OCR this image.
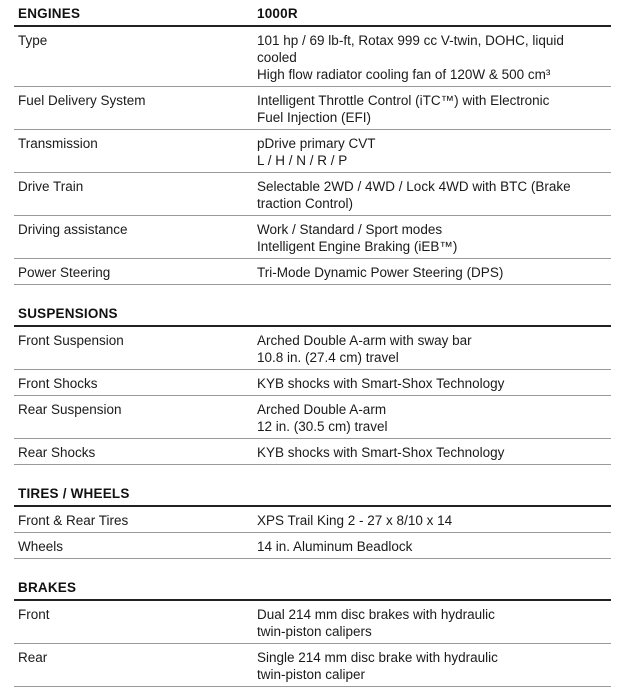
ENGINES	1000R
Type	101 hp / 69 lb-ft, Rotax 999 cc V-twin, DOHC, liquid
cooled
High flow radiator cooling fan of 120W & 500 cm³
Fuel Delivery System	Intelligent Throttle Control (iTC™) with Electronic
Fuel Injection (EFI)
Transmission	pDrive primary CVT
L / H / N / R / P
Drive Train	Selectable 2WD / 4WD / Lock 4WD with BTC (Brake
traction Control)
Driving assistance	Work / Standard / Sport modes
Intelligent Engine Braking (iEB™)
Power Steering	Tri-Mode Dynamic Power Steering (DPS)
SUSPENSIONS
Front Suspension	Arched Double A-arm with sway bar
10.8 in. (27.4 cm) travel
Front Shocks	KYB shocks with Smart-Shox Technology
Rear Suspension	Arched Double A-arm
12 in. (30.5 cm) travel
Rear Shocks	KYB shocks with Smart-Shox Technology
TIRES / WHEELS
Front & Rear Tires	XPS Trail King 2 - 27 x 8/10 x 14
Wheels	14 in. Aluminum Beadlock
BRAKES
Front	Dual 214 mm disc brakes with hydraulic
twin-piston calipers
Rear	Single 214 mm disc brake with hydraulic
twin-piston caliper
